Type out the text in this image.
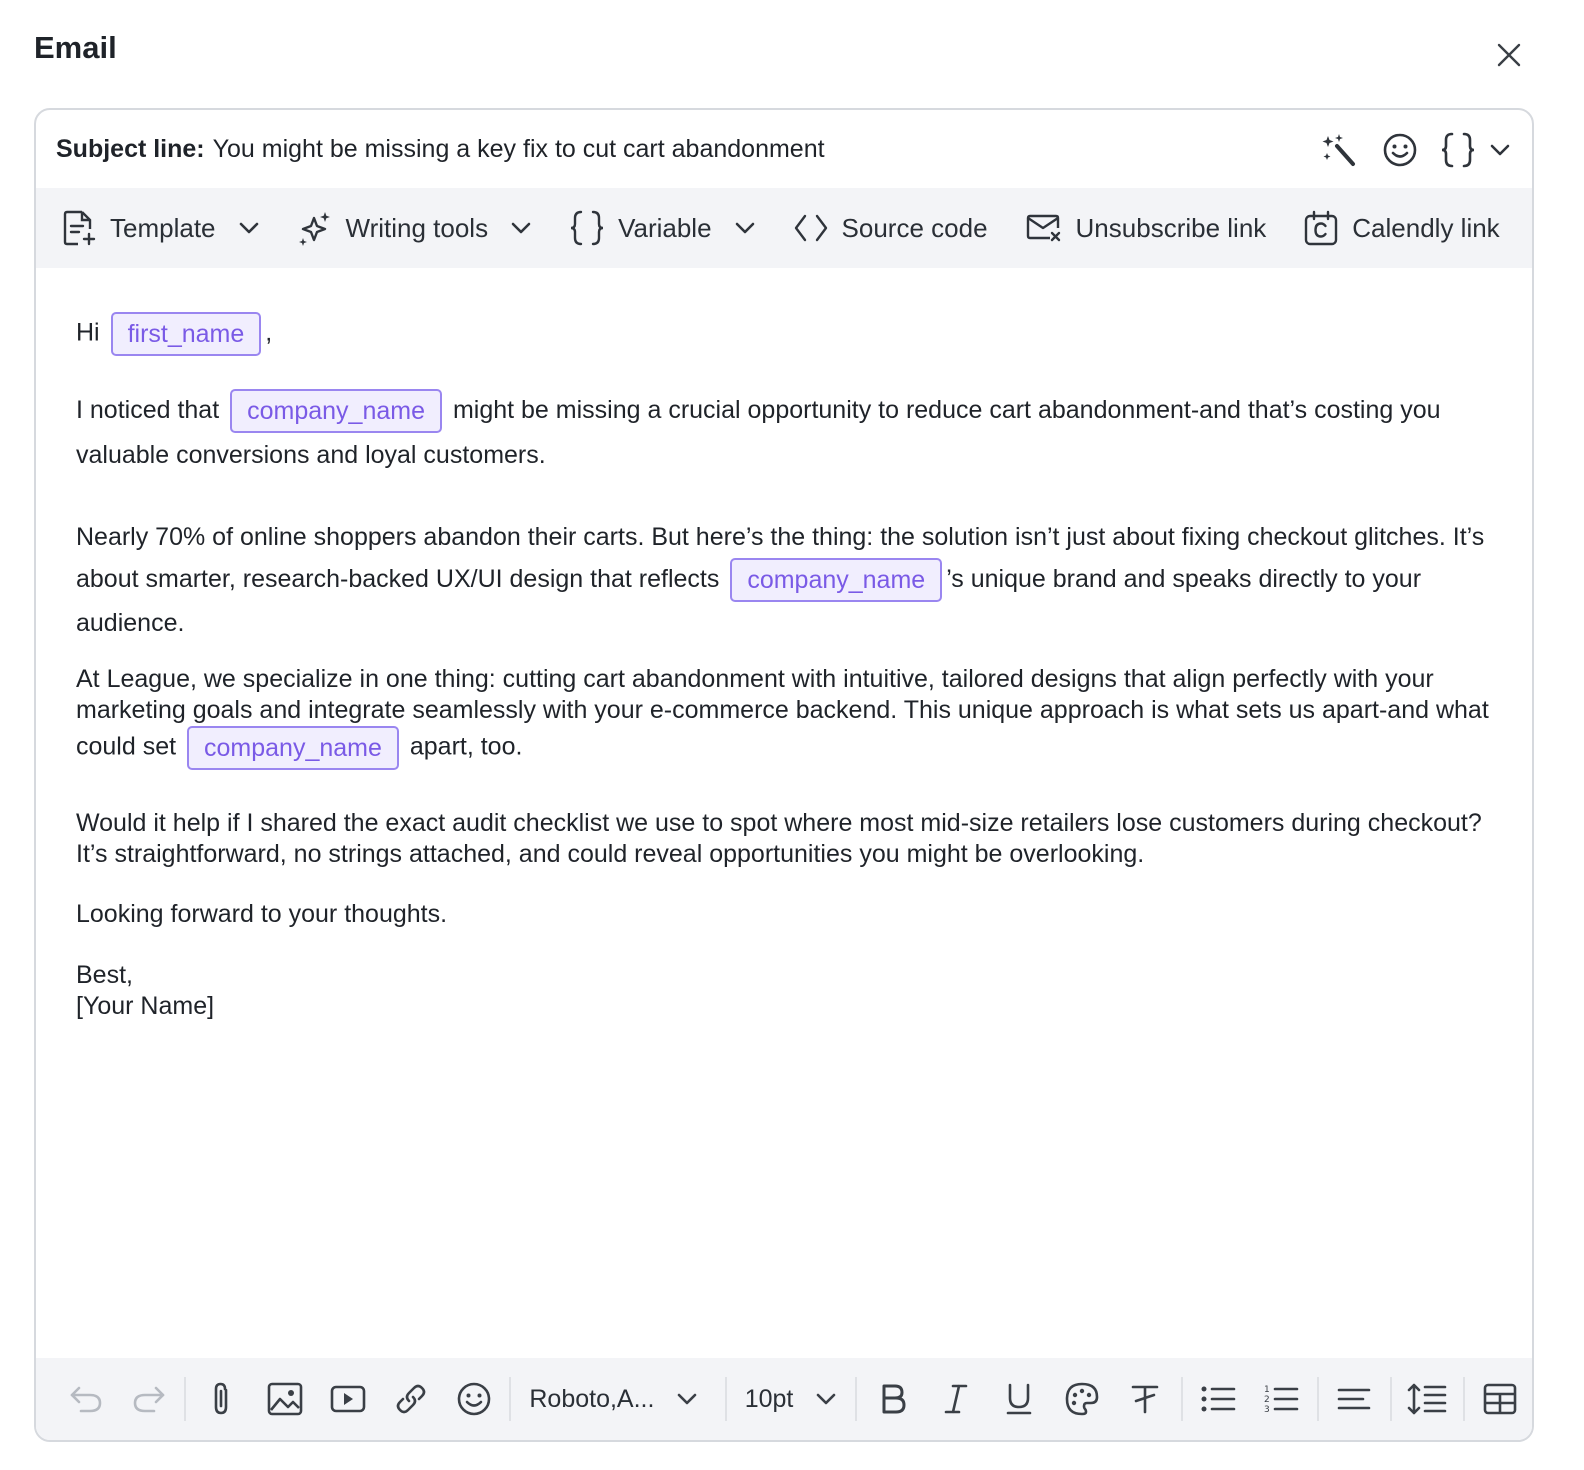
Email
Subject line: You might be missing a key fix to cut cart abandonment
Template	Writing tools	Variable	Source code	Unsubscribe link	Calendly link

Hi first_name ,

I noticed that company_name might be missing a crucial opportunity to reduce cart abandonment-and that’s costing you valuable conversions and loyal customers.

Nearly 70% of online shoppers abandon their carts. But here’s the thing: the solution isn’t just about fixing checkout glitches. It’s about smarter, research-backed UX/UI design that reflects company_name ’s unique brand and speaks directly to your audience.

At League, we specialize in one thing: cutting cart abandonment with intuitive, tailored designs that align perfectly with your marketing goals and integrate seamlessly with your e-commerce backend. This unique approach is what sets us apart-and what could set company_name apart, too.

Would it help if I shared the exact audit checklist we use to spot where most mid-size retailers lose customers during checkout? It’s straightforward, no strings attached, and could reveal opportunities you might be overlooking.

Looking forward to your thoughts.

Best,

[Your Name]

Roboto,A...	10pt	1
2
3
